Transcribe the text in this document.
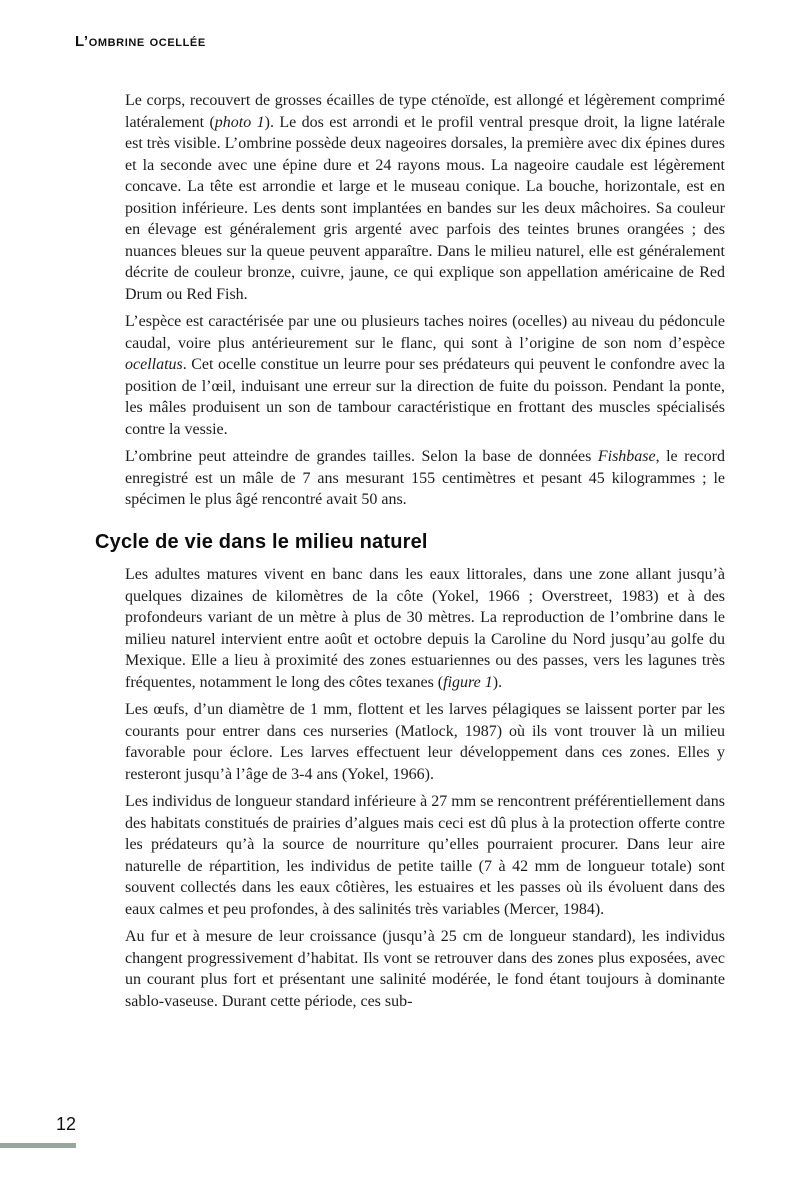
L’ombrine ocellée

Le corps, recouvert de grosses écailles de type cténoïde, est allongé et légèrement comprimé latéralement (photo 1). Le dos est arrondi et le profil ventral presque droit, la ligne latérale est très visible. L’ombrine possède deux nageoires dorsales, la première avec dix épines dures et la seconde avec une épine dure et 24 rayons mous. La nageoire caudale est légèrement concave. La tête est arrondie et large et le museau conique. La bouche, horizontale, est en position inférieure. Les dents sont implantées en bandes sur les deux mâchoires. Sa couleur en élevage est généralement gris argenté avec parfois des teintes brunes orangées ; des nuances bleues sur la queue peuvent apparaître. Dans le milieu naturel, elle est généralement décrite de couleur bronze, cuivre, jaune, ce qui explique son appellation américaine de Red Drum ou Red Fish.

L’espèce est caractérisée par une ou plusieurs taches noires (ocelles) au niveau du pédoncule caudal, voire plus antérieurement sur le flanc, qui sont à l’origine de son nom d’espèce ocellatus. Cet ocelle constitue un leurre pour ses prédateurs qui peuvent le confondre avec la position de l’œil, induisant une erreur sur la direction de fuite du poisson. Pendant la ponte, les mâles produisent un son de tambour caractéristique en frottant des muscles spécialisés contre la vessie.

L’ombrine peut atteindre de grandes tailles. Selon la base de données Fishbase, le record enregistré est un mâle de 7 ans mesurant 155 centimètres et pesant 45 kilogrammes ; le spécimen le plus âgé rencontré avait 50 ans.

Cycle de vie dans le milieu naturel

Les adultes matures vivent en banc dans les eaux littorales, dans une zone allant jusqu’à quelques dizaines de kilomètres de la côte (Yokel, 1966 ; Overstreet, 1983) et à des profondeurs variant de un mètre à plus de 30 mètres. La reproduction de l’ombrine dans le milieu naturel intervient entre août et octobre depuis la Caroline du Nord jusqu’au golfe du Mexique. Elle a lieu à proximité des zones estuariennes ou des passes, vers les lagunes très fréquentes, notamment le long des côtes texanes (figure 1).

Les œufs, d’un diamètre de 1 mm, flottent et les larves pélagiques se laissent porter par les courants pour entrer dans ces nurseries (Matlock, 1987) où ils vont trouver là un milieu favorable pour éclore. Les larves effectuent leur développement dans ces zones. Elles y resteront jusqu’à l’âge de 3-4 ans (Yokel, 1966).

Les individus de longueur standard inférieure à 27 mm se rencontrent préférentiellement dans des habitats constitués de prairies d’algues mais ceci est dû plus à la protection offerte contre les prédateurs qu’à la source de nourriture qu’elles pourraient procurer. Dans leur aire naturelle de répartition, les individus de petite taille (7 à 42 mm de longueur totale) sont souvent collectés dans les eaux côtières, les estuaires et les passes où ils évoluent dans des eaux calmes et peu profondes, à des salinités très variables (Mercer, 1984).

Au fur et à mesure de leur croissance (jusqu’à 25 cm de longueur standard), les individus changent progressivement d’habitat. Ils vont se retrouver dans des zones plus exposées, avec un courant plus fort et présentant une salinité modérée, le fond étant toujours à dominante sablo-vaseuse. Durant cette période, ces sub-

12
